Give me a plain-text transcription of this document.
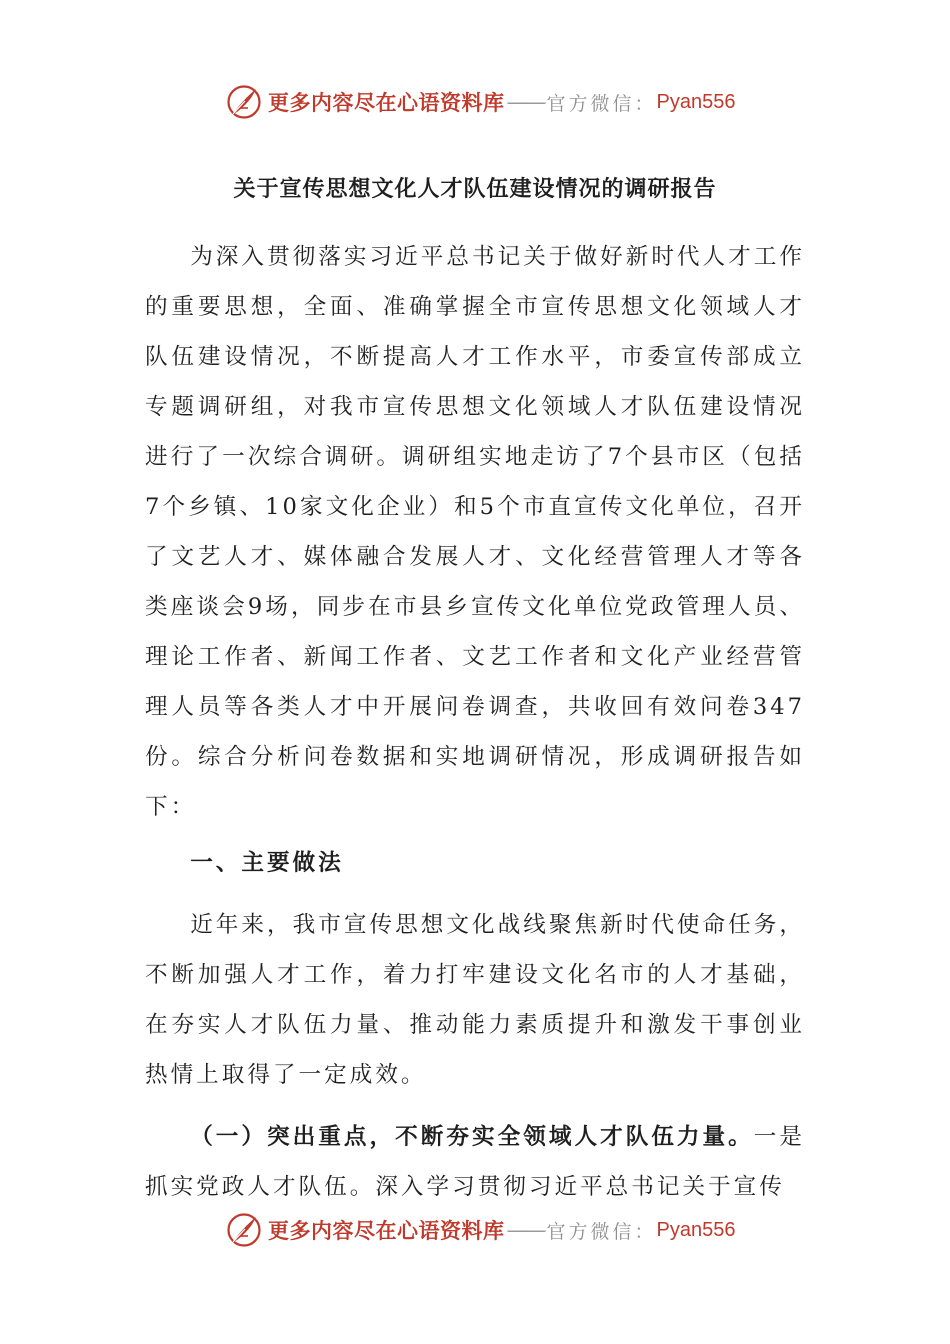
更多内容尽在心语资料库 —— 官方微信： Pyan556
关于宣传思想文化人才队伍建设情况的调研报告

为深入贯彻落实习近平总书记关于做好新时代人才工作的重要思想，全面、准确掌握全市宣传思想文化领域人才队伍建设情况，不断提高人才工作水平，市委宣传部成立专题调研组，对我市宣传思想文化领域人才队伍建设情况进行了一次综合调研。调研组实地走访了7个县市区（包括7个乡镇、10家文化企业）和5个市直宣传文化单位，召开了文艺人才、媒体融合发展人才、文化经营管理人才等各类座谈会9场，同步在市县乡宣传文化单位党政管理人员、理论工作者、新闻工作者、文艺工作者和文化产业经营管理人员等各类人才中开展问卷调查，共收回有效问卷347份。综合分析问卷数据和实地调研情况，形成调研报告如下：

一、主要做法

近年来，我市宣传思想文化战线聚焦新时代使命任务，不断加强人才工作，着力打牢建设文化名市的人才基础，在夯实人才队伍力量、推动能力素质提升和激发干事创业热情上取得了一定成效。

（一）突出重点，不断夯实全领域人才队伍力量。一是抓实党政人才队伍。深入学习贯彻习近平总书记关于宣传

更多内容尽在心语资料库 —— 官方微信： Pyan556
